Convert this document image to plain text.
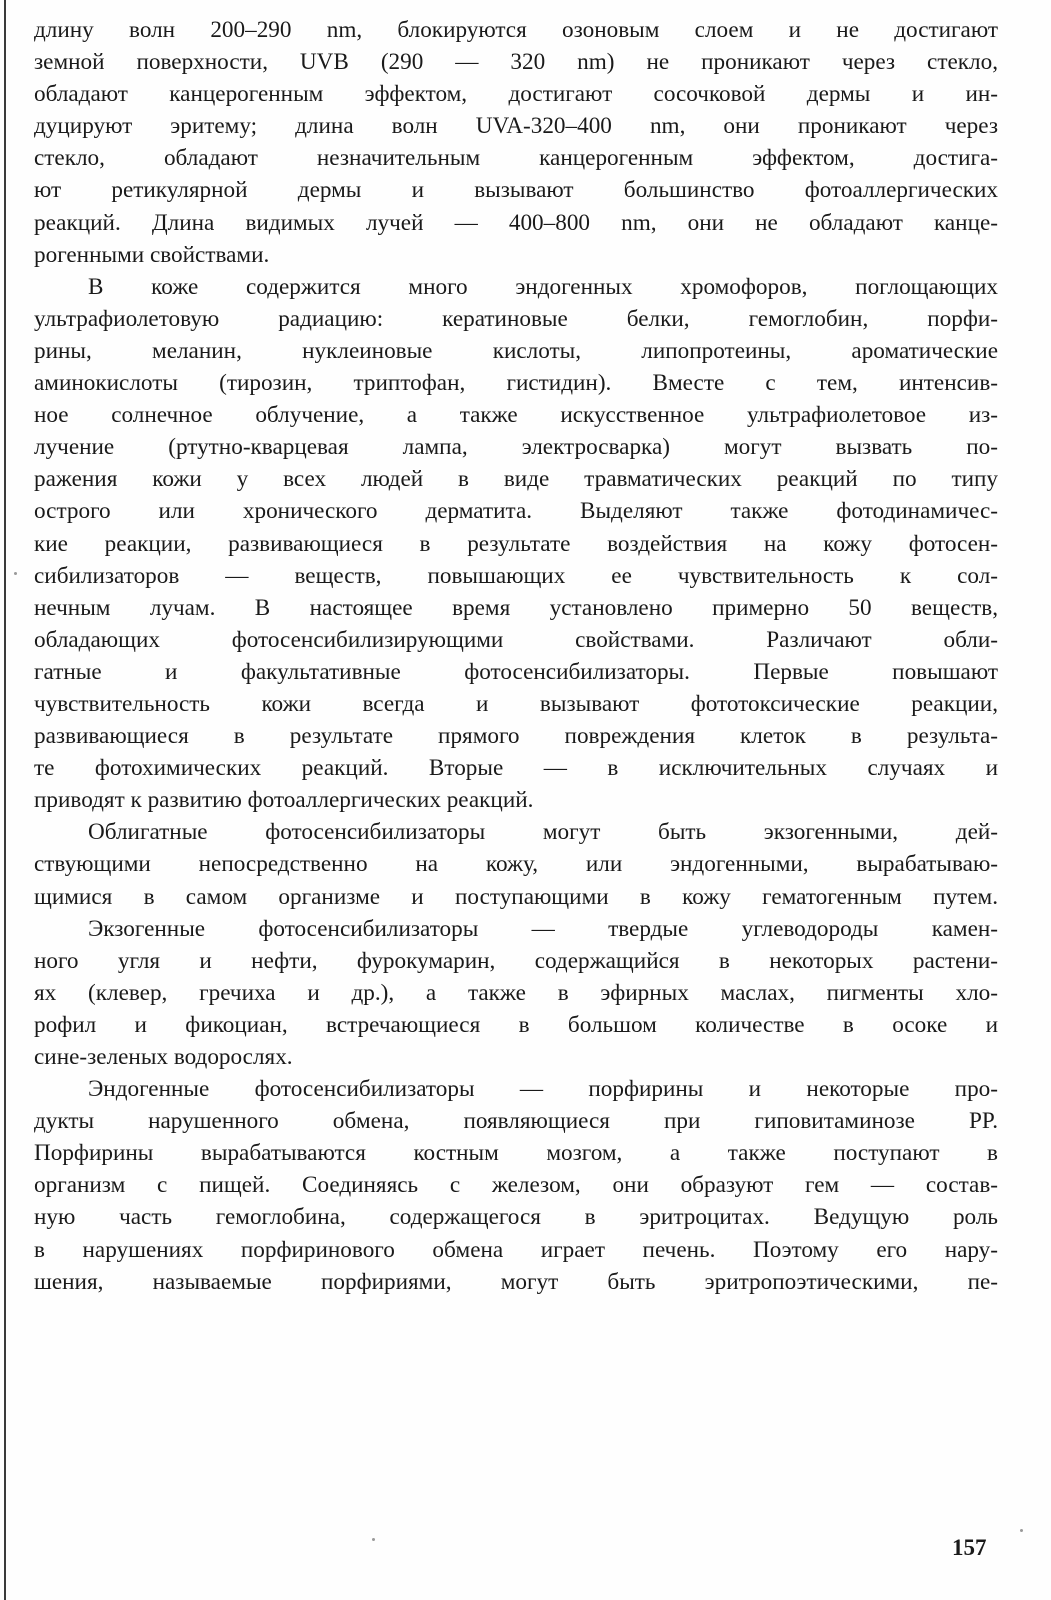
длину волн 200–290 nm, блокируются озоновым слоем и не достигают
земной поверхности, UVB (290 — 320 nm) не проникают через стекло,
обладают канцерогенным эффектом, достигают сосочковой дермы и ин-
дуцируют эритему; длина волн UVA-320–400 nm, они проникают через
стекло, обладают незначительным канцерогенным эффектом, достига-
ют ретикулярной дермы и вызывают большинство фотоаллергических
реакций. Длина видимых лучей — 400–800 nm, они не обладают канце-
рогенными свойствами.
В коже содержится много эндогенных хромофоров, поглощающих
ультрафиолетовую радиацию: кератиновые белки, гемоглобин, порфи-
рины, меланин, нуклеиновые кислоты, липопротеины, ароматические
аминокислоты (тирозин, триптофан, гистидин). Вместе с тем, интенсив-
ное солнечное облучение, а также искусственное ультрафиолетовое из-
лучение (ртутно-кварцевая лампа, электросварка) могут вызвать по-
ражения кожи у всех людей в виде травматических реакций по типу
острого или хронического дерматита. Выделяют также фотодинамичес-
кие реакции, развивающиеся в результате воздействия на кожу фотосен-
сибилизаторов — веществ, повышающих ее чувствительность к сол-
нечным лучам. В настоящее время установлено примерно 50 веществ,
обладающих фотосенсибилизирующими свойствами. Различают обли-
гатные и факультативные фотосенсибилизаторы. Первые повышают
чувствительность кожи всегда и вызывают фототоксические реакции,
развивающиеся в результате прямого повреждения клеток в результа-
те фотохимических реакций. Вторые — в исключительных случаях и
приводят к развитию фотоаллергических реакций.
Облигатные фотосенсибилизаторы могут быть экзогенными, дей-
ствующими непосредственно на кожу, или эндогенными, вырабатываю-
щимися в самом организме и поступающими в кожу гематогенным путем.
Экзогенные фотосенсибилизаторы — твердые углеводороды камен-
ного угля и нефти, фурокумарин, содержащийся в некоторых растени-
ях (клевер, гречиха и др.), а также в эфирных маслах, пигменты хло-
рофил и фикоциан, встречающиеся в большом количестве в осоке и
сине-зеленых водорослях.
Эндогенные фотосенсибилизаторы — порфирины и некоторые про-
дукты нарушенного обмена, появляющиеся при гиповитаминозе PP.
Порфирины вырабатываются костным мозгом, а также поступают в
организм с пищей. Соединяясь с железом, они образуют гем — состав-
ную часть гемоглобина, содержащегося в эритроцитах. Ведущую роль
в нарушениях порфиринового обмена играет печень. Поэтому его нару-
шения, называемые порфириями, могут быть эритропоэтическими, пе-
157
